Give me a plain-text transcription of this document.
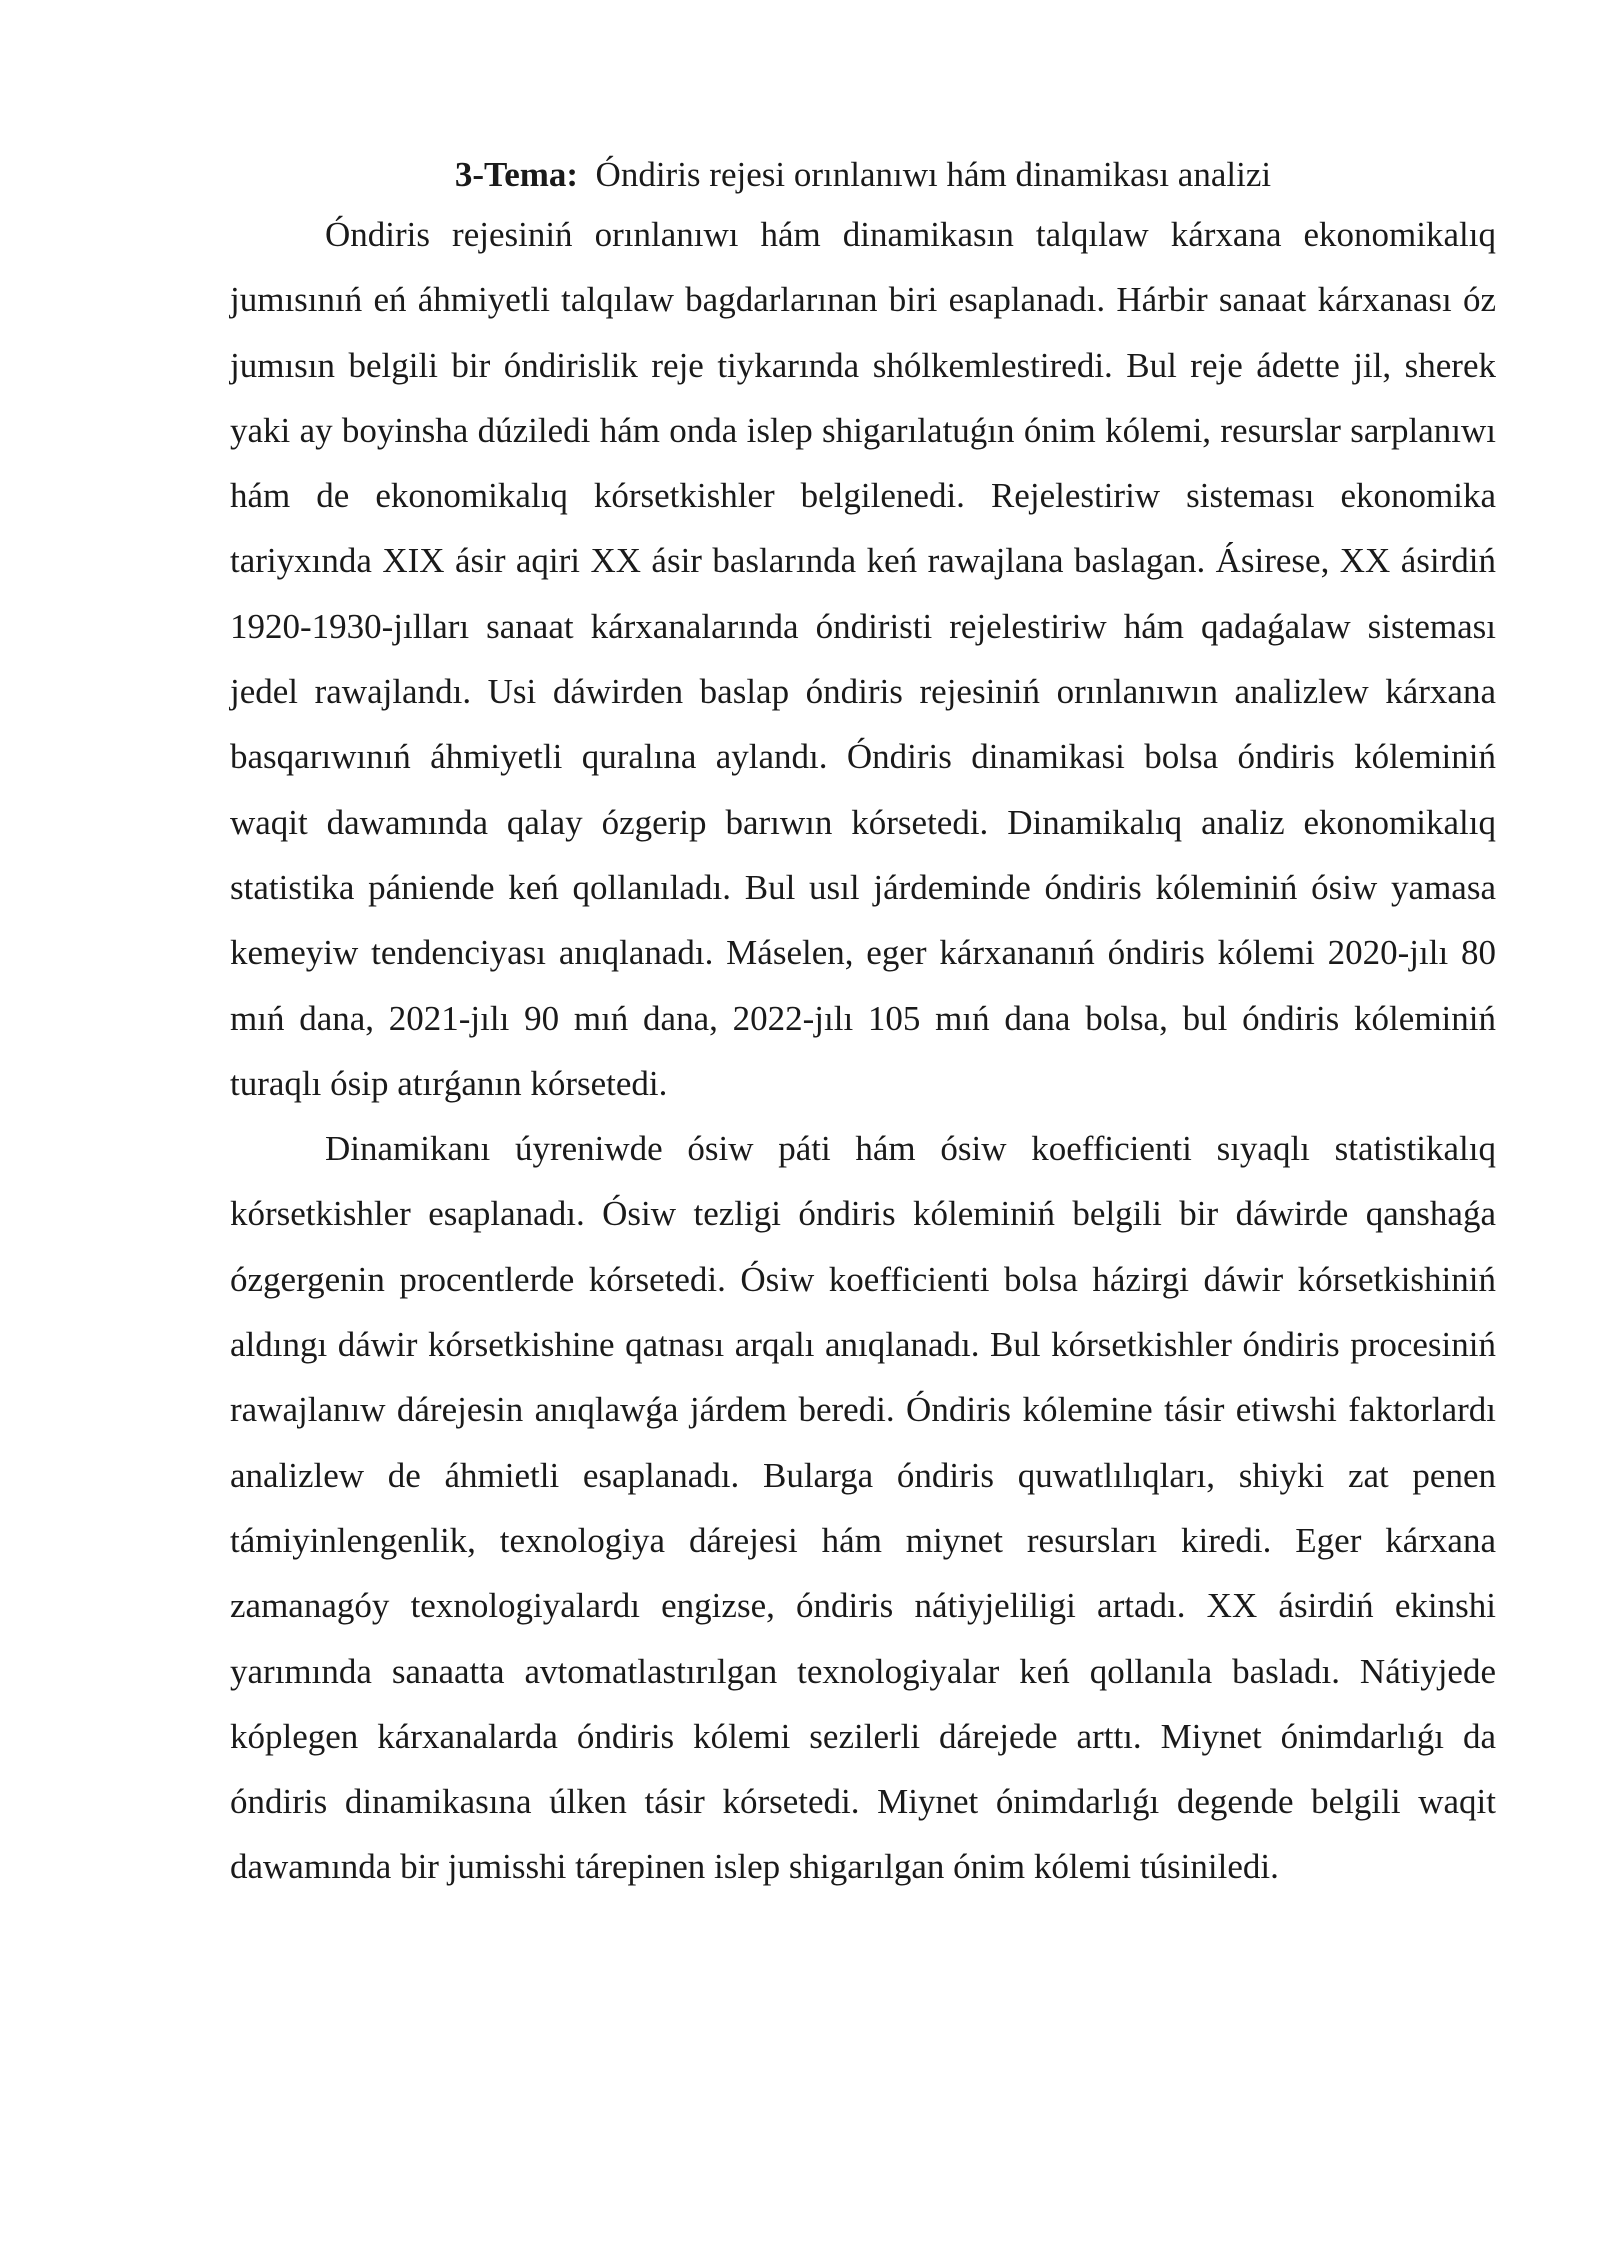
3-Tema: Óndiris rejesi orınlanıwı hám dinamikası analizi

Óndiris rejesiniń orınlanıwı hám dinamikasın talqılaw kárxana ekonomikalıq jumısınıń eń áhmiyetli talqılaw bagdarlarınan biri esaplanadı. Hárbir sanaat kárxanası óz jumısın belgili bir óndirislik reje tiykarında shólkemlestiredi. Bul reje ádette jil, sherek yaki ay boyinsha dúziledi hám onda islep shigarılatuǵın ónim kólemi, resurslar sarplanıwı hám de ekonomikalıq kórsetkishler belgilenedi. Rejelestiriw sisteması ekonomika tariyxında XIX ásir aqiri XX ásir baslarında keń rawajlana baslagan. Ásirese, XX ásirdiń 1920-1930-jılları sanaat kárxanalarında óndiristi rejelestiriw hám qadaǵalaw sisteması jedel rawajlandı. Usi dáwirden baslap óndiris rejesiniń orınlanıwın analizlew kárxana basqarıwınıń áhmiyetli quralına aylandı. Óndiris dinamikasi bolsa óndiris kóleminiń waqit dawamında qalay ózgerip barıwın kórsetedi. Dinamikalıq analiz ekonomikalıq statistika pániende keń qollanıladı. Bul usıl járdeminde óndiris kóleminiń ósiw yamasa kemeyiw tendenciyası anıqlanadı. Máselen, eger kárxananıń óndiris kólemi 2020-jılı 80 mıń dana, 2021-jılı 90 mıń dana, 2022-jılı 105 mıń dana bolsa, bul óndiris kóleminiń turaqlı ósip atırǵanın kórsetedi.

Dinamikanı úyreniwde ósiw páti hám ósiw koefficienti sıyaqlı statistikalıq kórsetkishler esaplanadı. Ósiw tezligi óndiris kóleminiń belgili bir dáwirde qanshaǵa ózgergenin procentlerde kórsetedi. Ósiw koefficienti bolsa házirgi dáwir kórsetkishiniń aldıngı dáwir kórsetkishine qatnası arqalı anıqlanadı. Bul kórsetkishler óndiris procesiniń rawajlanıw dárejesin anıqlawǵa járdem beredi. Óndiris kólemine tásir etiwshi faktorlardı analizlew de áhmietli esaplanadı. Bularga óndiris quwatlılıqları, shiyki zat penen támiyinlengenlik, texnologiya dárejesi hám miynet resursları kiredi. Eger kárxana zamanagóy texnologiyalardı engizse, óndiris nátiyjeliligi artadı. XX ásirdiń ekinshi yarımında sanaatta avtomatlastırılgan texnologiyalar keń qollanıla basladı. Nátiyjede kóplegen kárxanalarda óndiris kólemi sezilerli dárejede arttı. Miynet ónimdarlıǵı da óndiris dinamikasına úlken tásir kórsetedi. Miynet ónimdarlıǵı degende belgili waqit dawamında bir jumisshi tárepinen islep shigarılgan ónim kólemi túsiniledi.
